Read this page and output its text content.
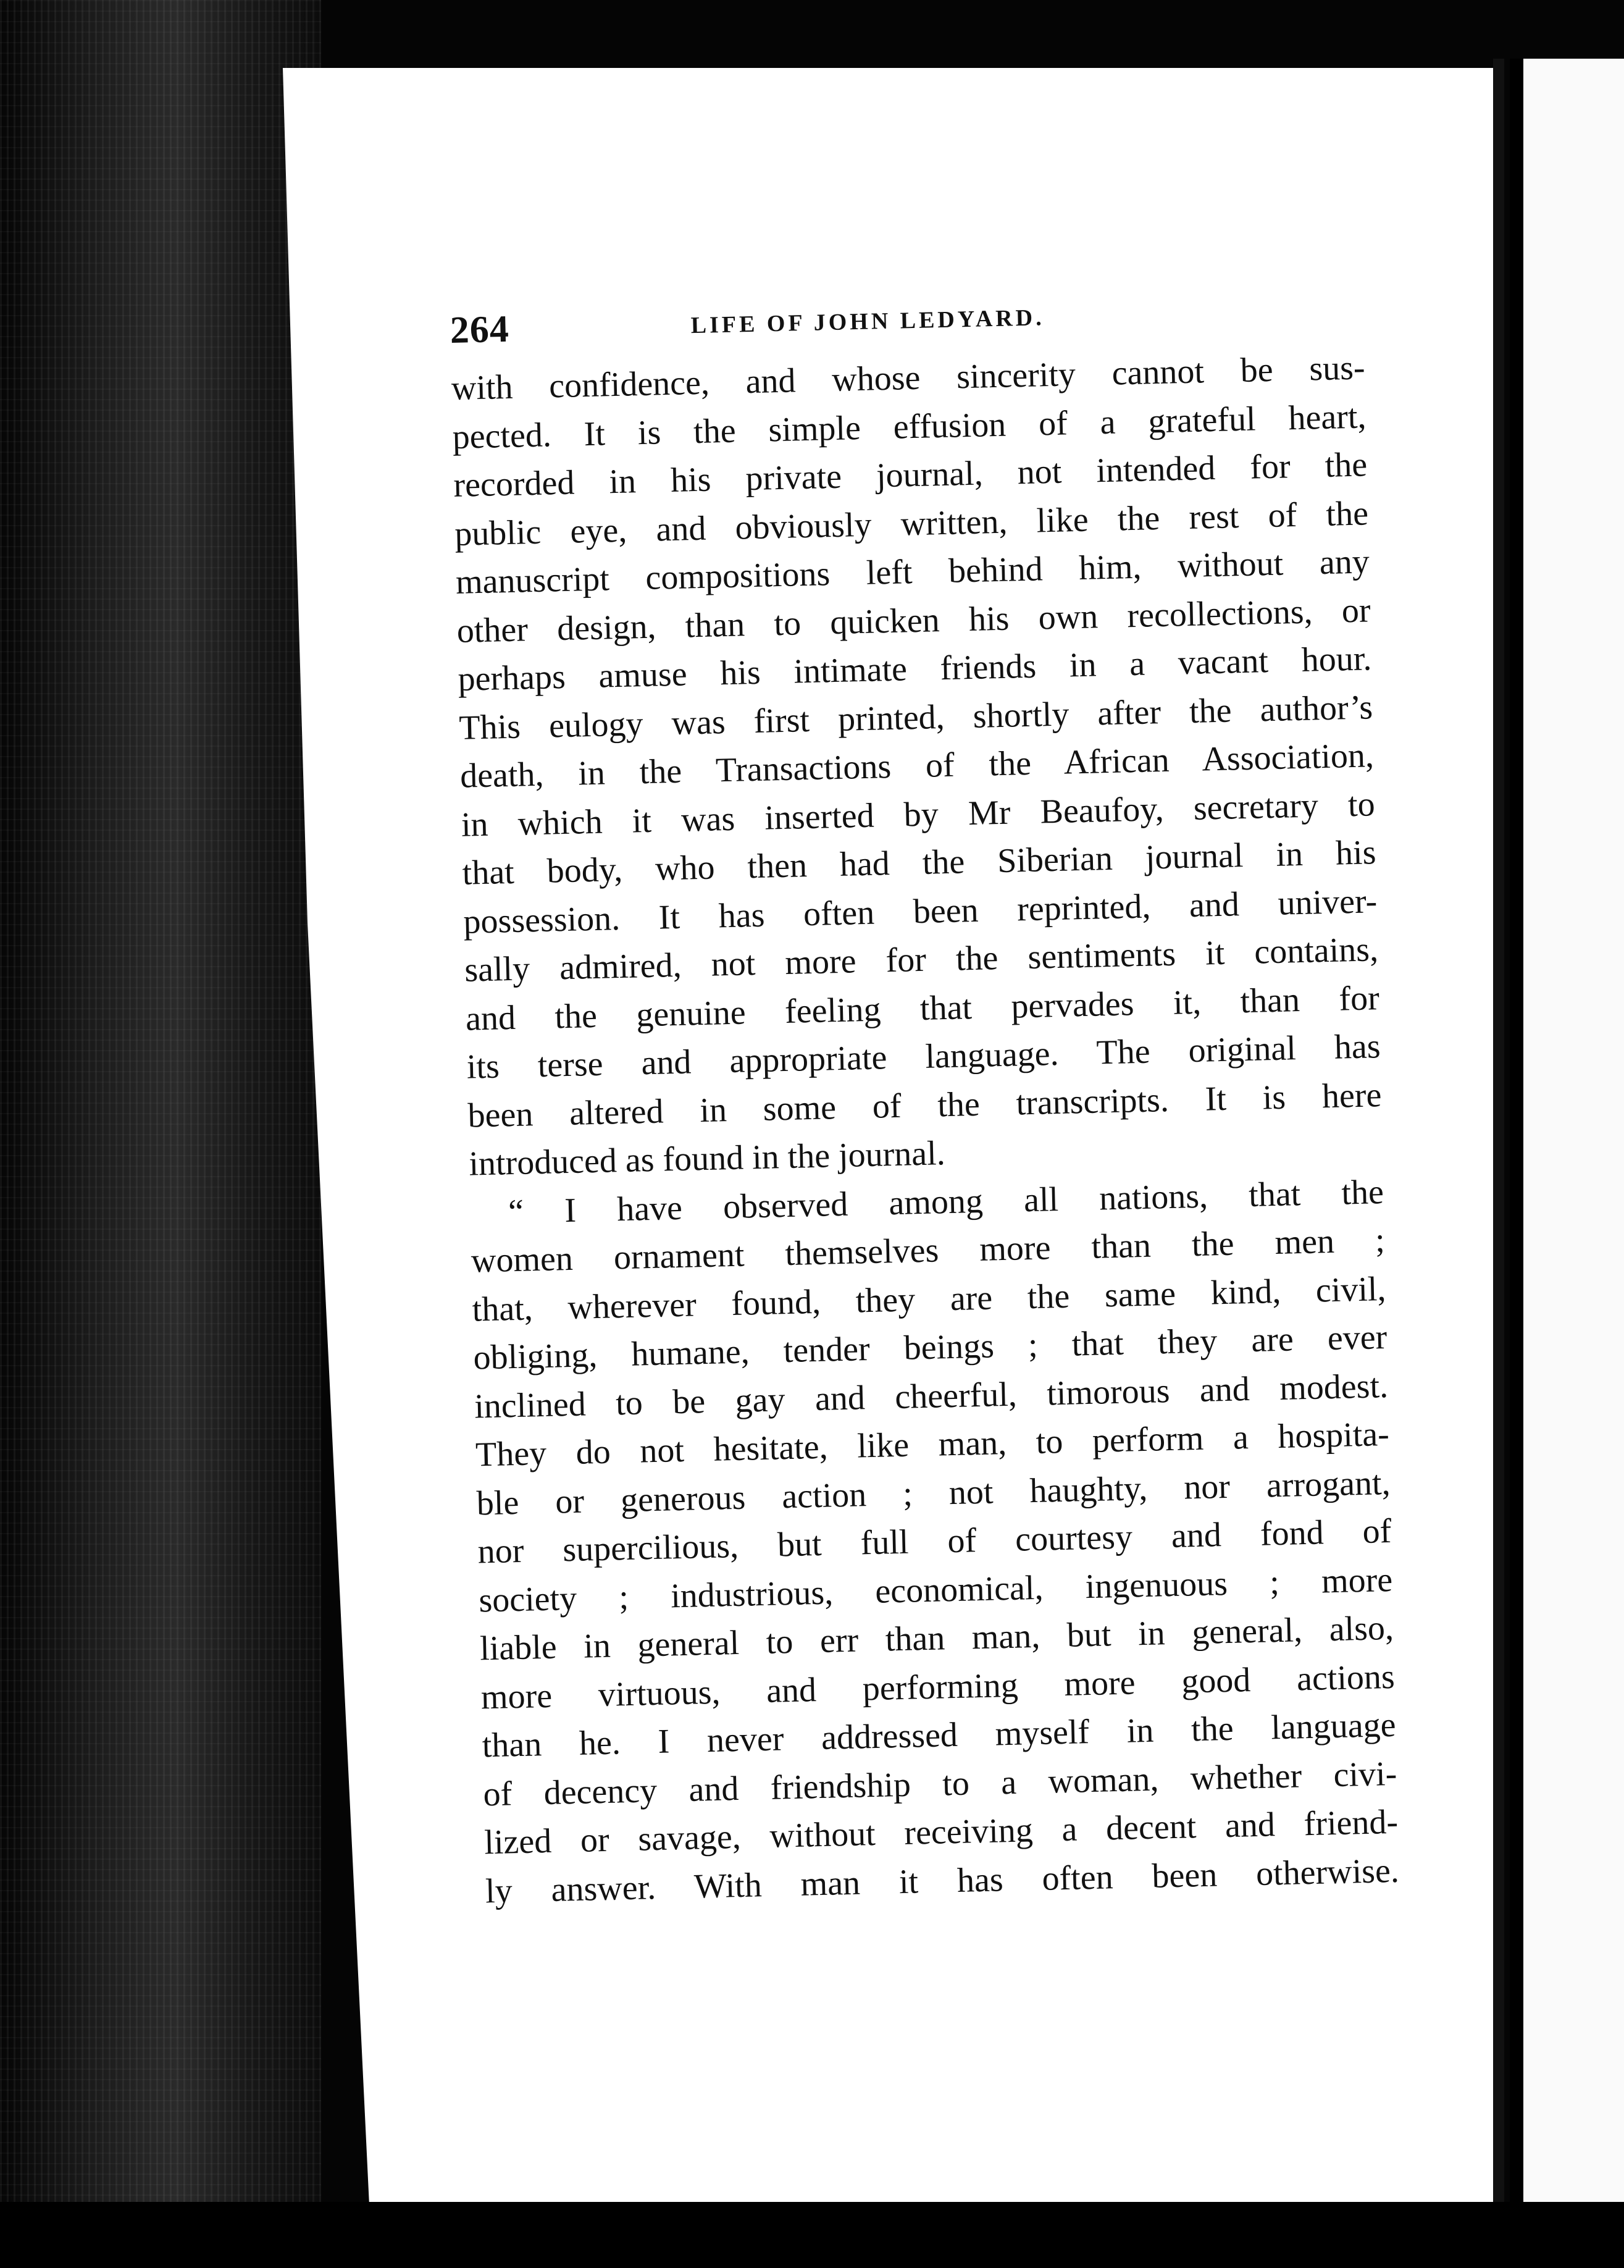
264	LIFE OF JOHN LEDYARD.
with confidence, and whose sincerity cannot be sus-
pected. It is the simple effusion of a grateful heart,
recorded in his private journal, not intended for the
public eye, and obviously written, like the rest of the
manuscript compositions left behind him, without any
other design, than to quicken his own recollections, or
perhaps amuse his intimate friends in a vacant hour.
This eulogy was first printed, shortly after the author’s
death, in the Transactions of the African Association,
in which it was inserted by Mr Beaufoy, secretary to
that body, who then had the Siberian journal in his
possession. It has often been reprinted, and univer-
sally admired, not more for the sentiments it contains,
and the genuine feeling that pervades it, than for
its terse and appropriate language. The original has
been altered in some of the transcripts. It is here
introduced as found in the journal.
“ I have observed among all nations, that the
women ornament themselves more than the men ;
that, wherever found, they are the same kind, civil,
obliging, humane, tender beings ; that they are ever
inclined to be gay and cheerful, timorous and modest.
They do not hesitate, like man, to perform a hospita-
ble or generous action ; not haughty, nor arrogant,
nor supercilious, but full of courtesy and fond of
society ; industrious, economical, ingenuous ; more
liable in general to err than man, but in general, also,
more virtuous, and performing more good actions
than he. I never addressed myself in the language
of decency and friendship to a woman, whether civi-
lized or savage, without receiving a decent and friend-
ly answer. With man it has often been otherwise.
